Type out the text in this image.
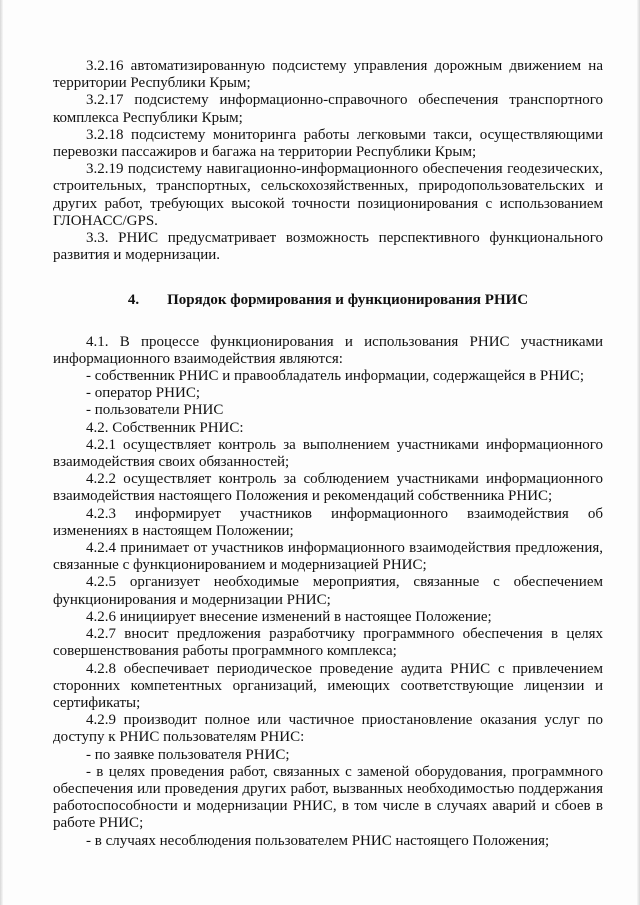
3.2.16 автоматизированную подсистему управления дорожным движением на территории Республики Крым;

3.2.17 подсистему информационно-справочного обеспечения транспортного комплекса Республики Крым;

3.2.18 подсистему мониторинга работы легковыми такси, осуществляющими перевозки пассажиров и багажа на территории Республики Крым;

3.2.19 подсистему навигационно-информационного обеспечения геодезических, строительных, транспортных, сельскохозяйственных, природопользовательских и других работ, требующих высокой точности позиционирования с использованием ГЛОНАСС/GPS.

3.3. РНИС предусматривает возможность перспективного функционального развития и модернизации.

4. Порядок формирования и функционирования РНИС

4.1. В процессе функционирования и использования РНИС участниками информационного взаимодействия являются:

- собственник РНИС и правообладатель информации, содержащейся в РНИС;

- оператор РНИС;

- пользователи РНИС

4.2. Собственник РНИС:

4.2.1 осуществляет контроль за выполнением участниками информационного взаимодействия своих обязанностей;

4.2.2 осуществляет контроль за соблюдением участниками информационного взаимодействия настоящего Положения и рекомендаций собственника РНИС;

4.2.3 информирует участников информационного взаимодействия об изменениях в настоящем Положении;

4.2.4 принимает от участников информационного взаимодействия предложения, связанные с функционированием и модернизацией РНИС;

4.2.5 организует необходимые мероприятия, связанные с обеспечением функционирования и модернизации РНИС;

4.2.6 инициирует внесение изменений в настоящее Положение;

4.2.7 вносит предложения разработчику программного обеспечения в целях совершенствования работы программного комплекса;

4.2.8 обеспечивает периодическое проведение аудита РНИС с привлечением сторонних компетентных организаций, имеющих соответствующие лицензии и сертификаты;

4.2.9 производит полное или частичное приостановление оказания услуг по доступу к РНИС пользователям РНИС:

- по заявке пользователя РНИС;

- в целях проведения работ, связанных с заменой оборудования, программного обеспечения или проведения других работ, вызванных необходимостью поддержания работоспособности и модернизации РНИС, в том числе в случаях аварий и сбоев в работе РНИС;

- в случаях несоблюдения пользователем РНИС настоящего Положения;
